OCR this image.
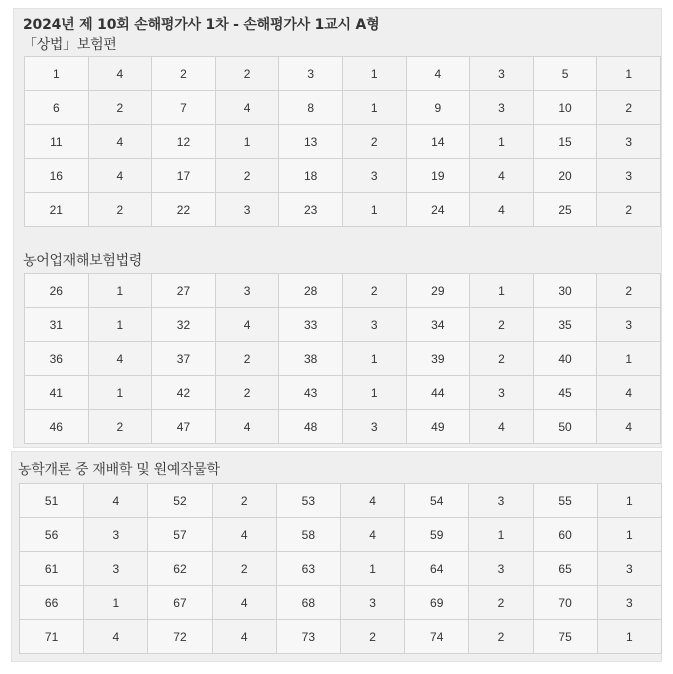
2024년 제 10회 손해평가사 1차 - 손해평가사 1교시 A형
「상법」보험편
1	4	2	2	3	1	4	3	5	1
6	2	7	4	8	1	9	3	10	2
11	4	12	1	13	2	14	1	15	3
16	4	17	2	18	3	19	4	20	3
21	2	22	3	23	1	24	4	25	2
농어업재해보험법령
26	1	27	3	28	2	29	1	30	2
31	1	32	4	33	3	34	2	35	3
36	4	37	2	38	1	39	2	40	1
41	1	42	2	43	1	44	3	45	4
46	2	47	4	48	3	49	4	50	4
농학개론 중 재배학 및 원예작물학
51	4	52	2	53	4	54	3	55	1
56	3	57	4	58	4	59	1	60	1
61	3	62	2	63	1	64	3	65	3
66	1	67	4	68	3	69	2	70	3
71	4	72	4	73	2	74	2	75	1
